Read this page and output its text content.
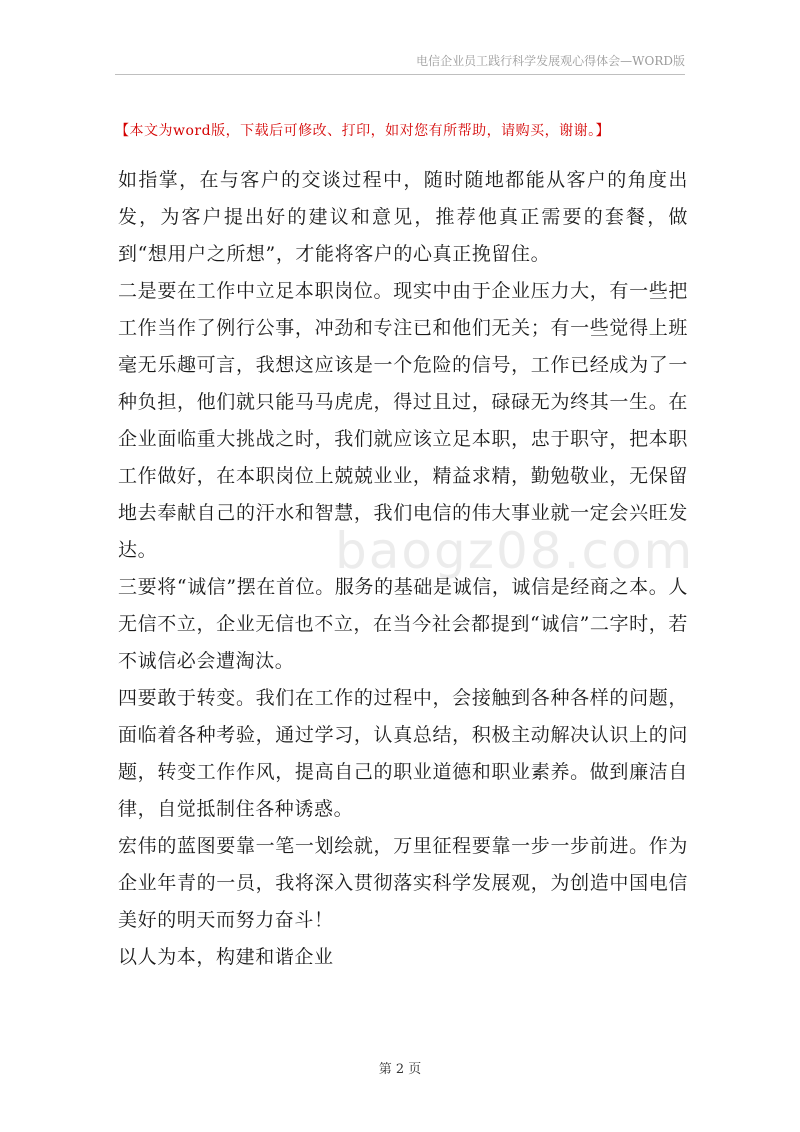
电信企业员工践行科学发展观心得体会—WORD版
【本文为word版，下载后可修改、打印，如对您有所帮助，请购买，谢谢。】
baogz08.com

如指掌，在与客户的交谈过程中，随时随地都能从客户的角度出发，为客户提出好的建议和意见，推荐他真正需要的套餐，做到“想用户之所想”，才能将客户的心真正挽留住。

二是要在工作中立足本职岗位。现实中由于企业压力大，有一些把工作当作了例行公事，冲劲和专注已和他们无关；有一些觉得上班毫无乐趣可言，我想这应该是一个危险的信号，工作已经成为了一种负担，他们就只能马马虎虎，得过且过，碌碌无为终其一生。在企业面临重大挑战之时，我们就应该立足本职，忠于职守，把本职工作做好，在本职岗位上兢兢业业，精益求精，勤勉敬业，无保留地去奉献自己的汗水和智慧，我们电信的伟大事业就一定会兴旺发达。

三要将“诚信”摆在首位。服务的基础是诚信，诚信是经商之本。人无信不立，企业无信也不立，在当今社会都提到“诚信”二字时，若不诚信必会遭淘汰。

四要敢于转变。我们在工作的过程中，会接触到各种各样的问题，面临着各种考验，通过学习，认真总结，积极主动解决认识上的问题，转变工作作风，提高自己的职业道德和职业素养。做到廉洁自律，自觉抵制住各种诱惑。

宏伟的蓝图要靠一笔一划绘就，万里征程要靠一步一步前进。作为企业年青的一员，我将深入贯彻落实科学发展观，为创造中国电信美好的明天而努力奋斗！

以人为本，构建和谐企业

第 2 页
